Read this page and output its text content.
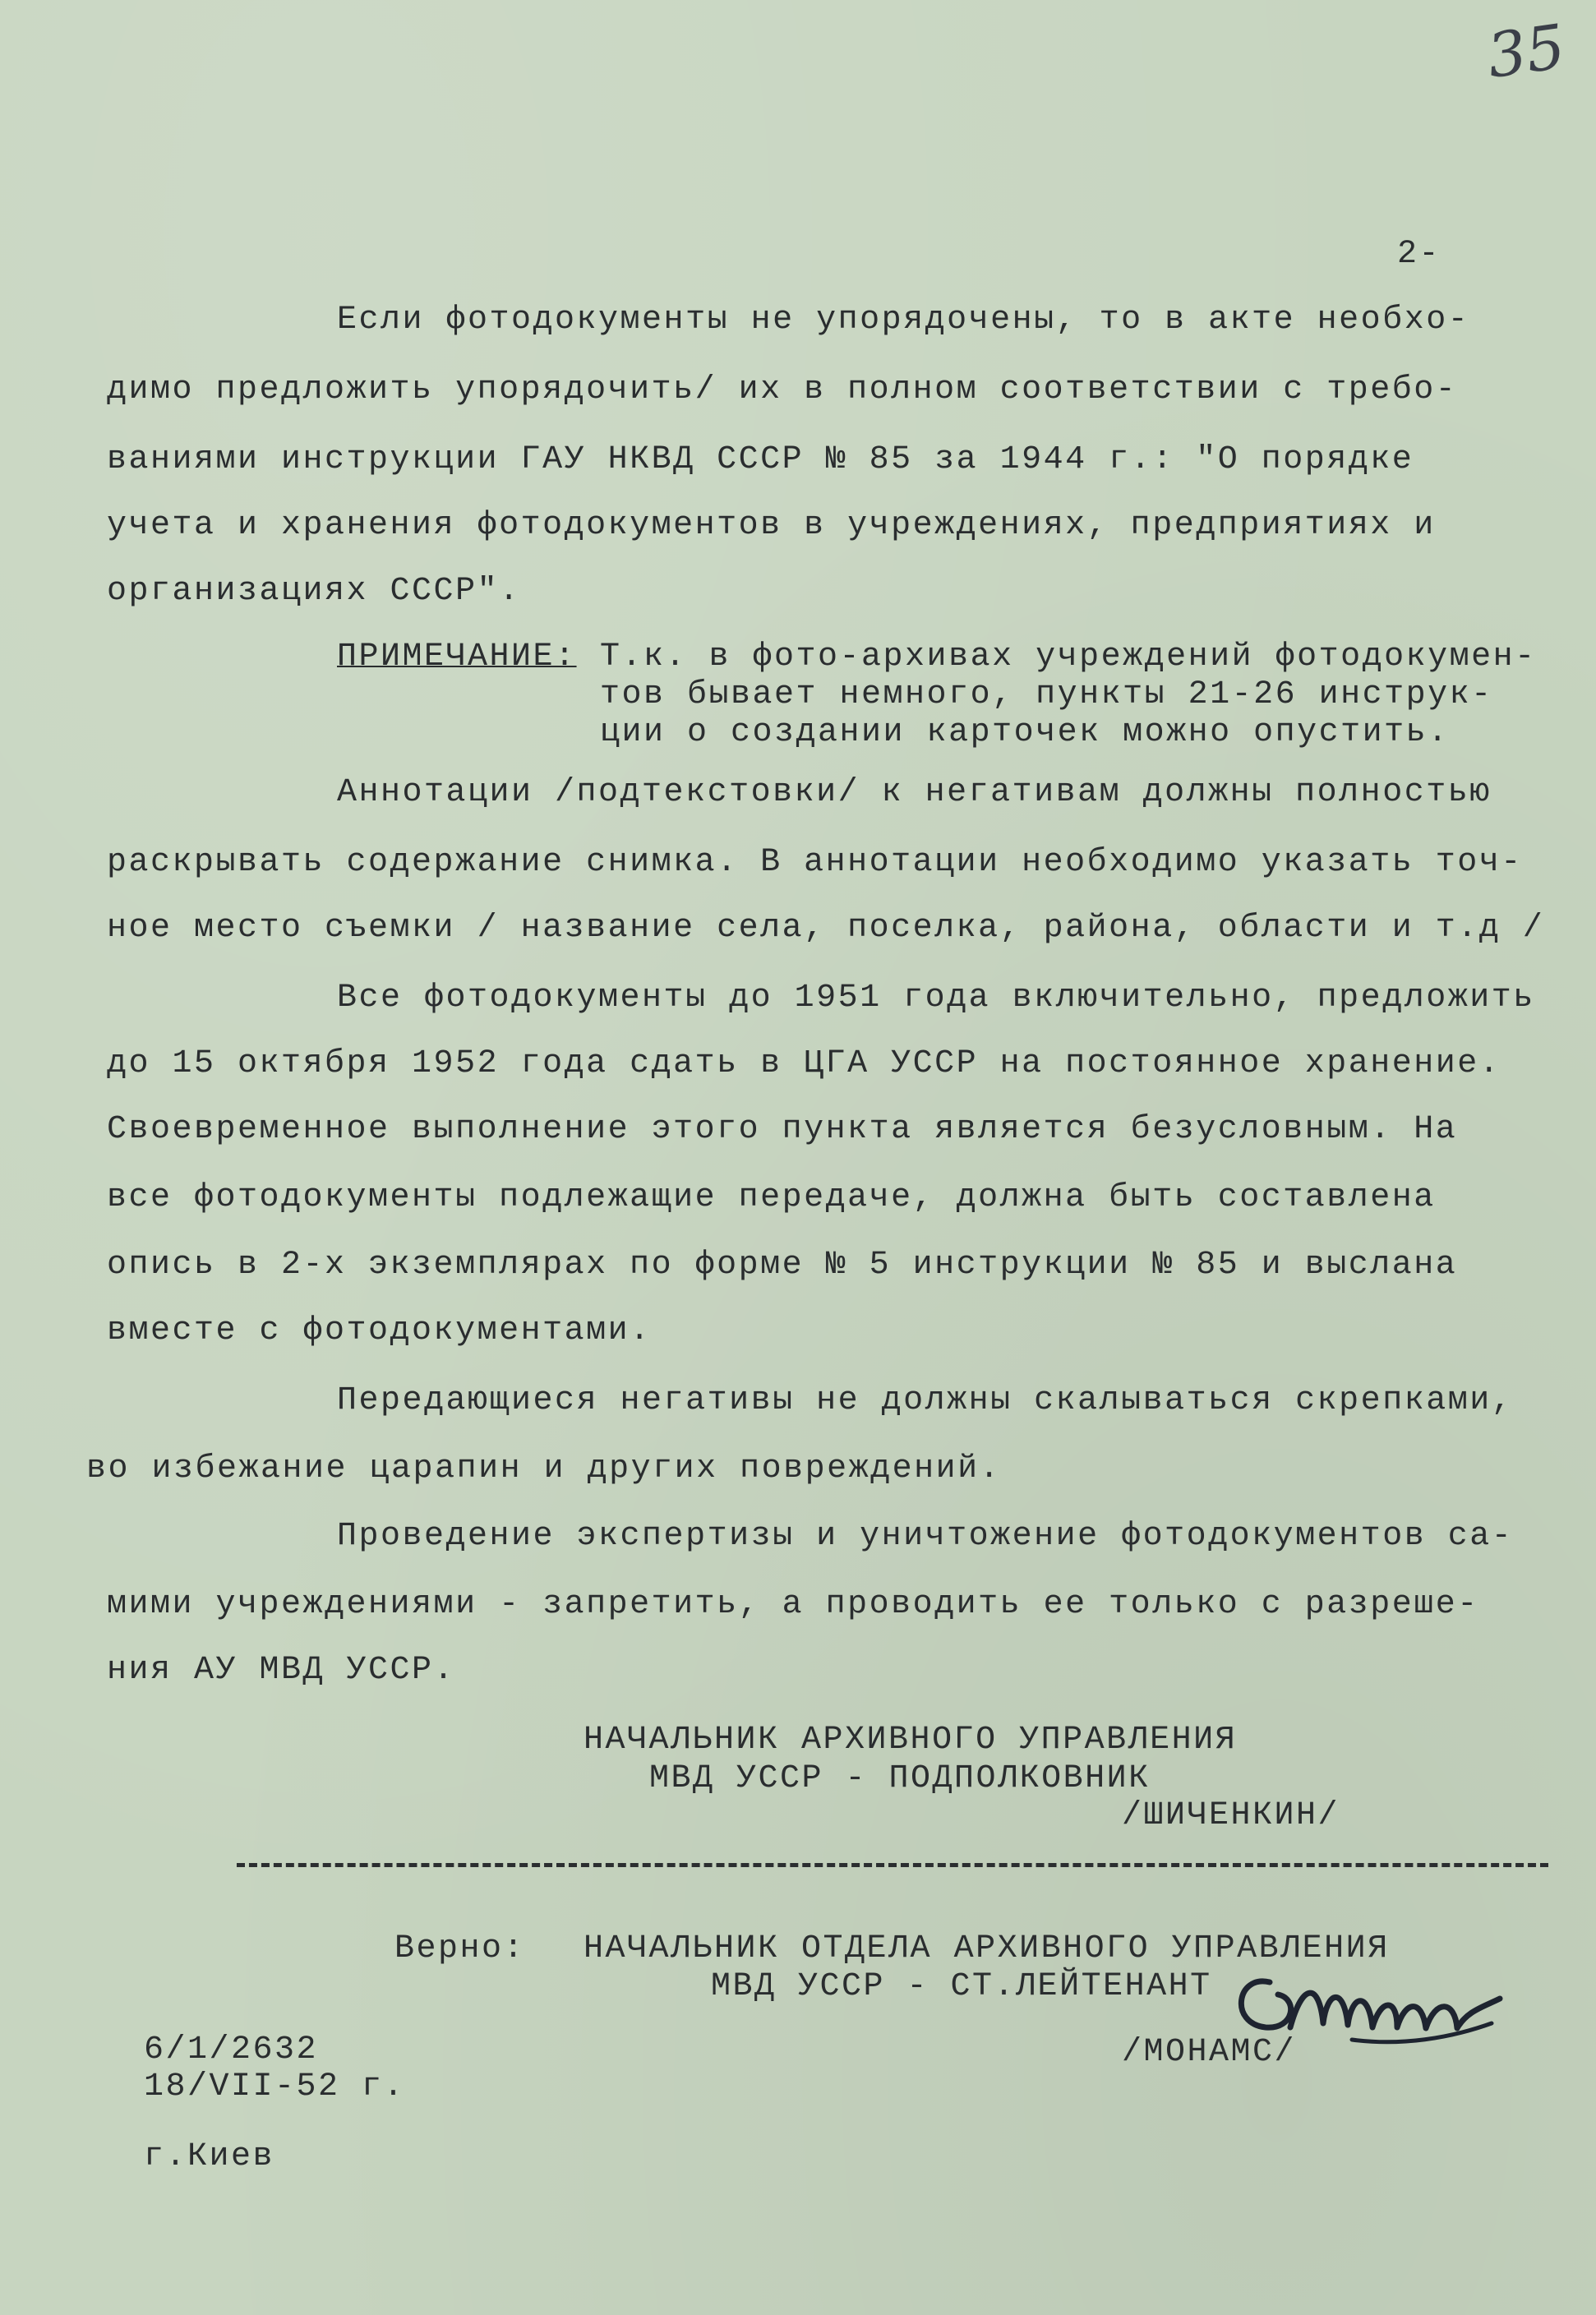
35
2-
Если фотодокументы не упорядочены, то в акте необхо-
димо предложить упорядочить/ их в полном соответствии с требо-
ваниями инструкции ГАУ НКВД СССР № 85 за 1944 г.: "О порядке
учета и хранения фотодокументов в учреждениях, предприятиях и
организациях СССР".
ПРИМЕЧАНИЕ: Т.к. в фото-архивах учреждений фотодокумен-
тов бывает немного, пункты 21-26 инструк-
ции о создании карточек можно опустить.
Аннотации /подтекстовки/ к негативам должны полностью
раскрывать содержание снимка. В аннотации необходимо указать точ-
ное место съемки / название села, поселка, района, области и т.д /
Все фотодокументы до 1951 года включительно, предложить
до 15 октября 1952 года сдать в ЦГА УССР на постоянное хранение.
Своевременное выполнение этого пункта является безусловным. На
все фотодокументы подлежащие передаче, должна быть составлена
опись в 2-х экземплярах по форме № 5 инструкции № 85 и выслана
вместе с фотодокументами.
Передающиеся негативы не должны скалываться скрепками,
во избежание царапин и других повреждений.
Проведение экспертизы и уничтожение фотодокументов са-
мими учреждениями - запретить, а проводить ее только с разреше-
ния АУ МВД УССР.
НАЧАЛЬНИК АРХИВНОГО УПРАВЛЕНИЯ
МВД УССР - ПОДПОЛКОВНИК
/ШИЧЕНКИН/
Верно: НАЧАЛЬНИК ОТДЕЛА АРХИВНОГО УПРАВЛЕНИЯ
МВД УССР - СТ.ЛЕЙТЕНАНТ
/МОНАМС/
6/1/2632
18/VII-52 г.
г.Киев
